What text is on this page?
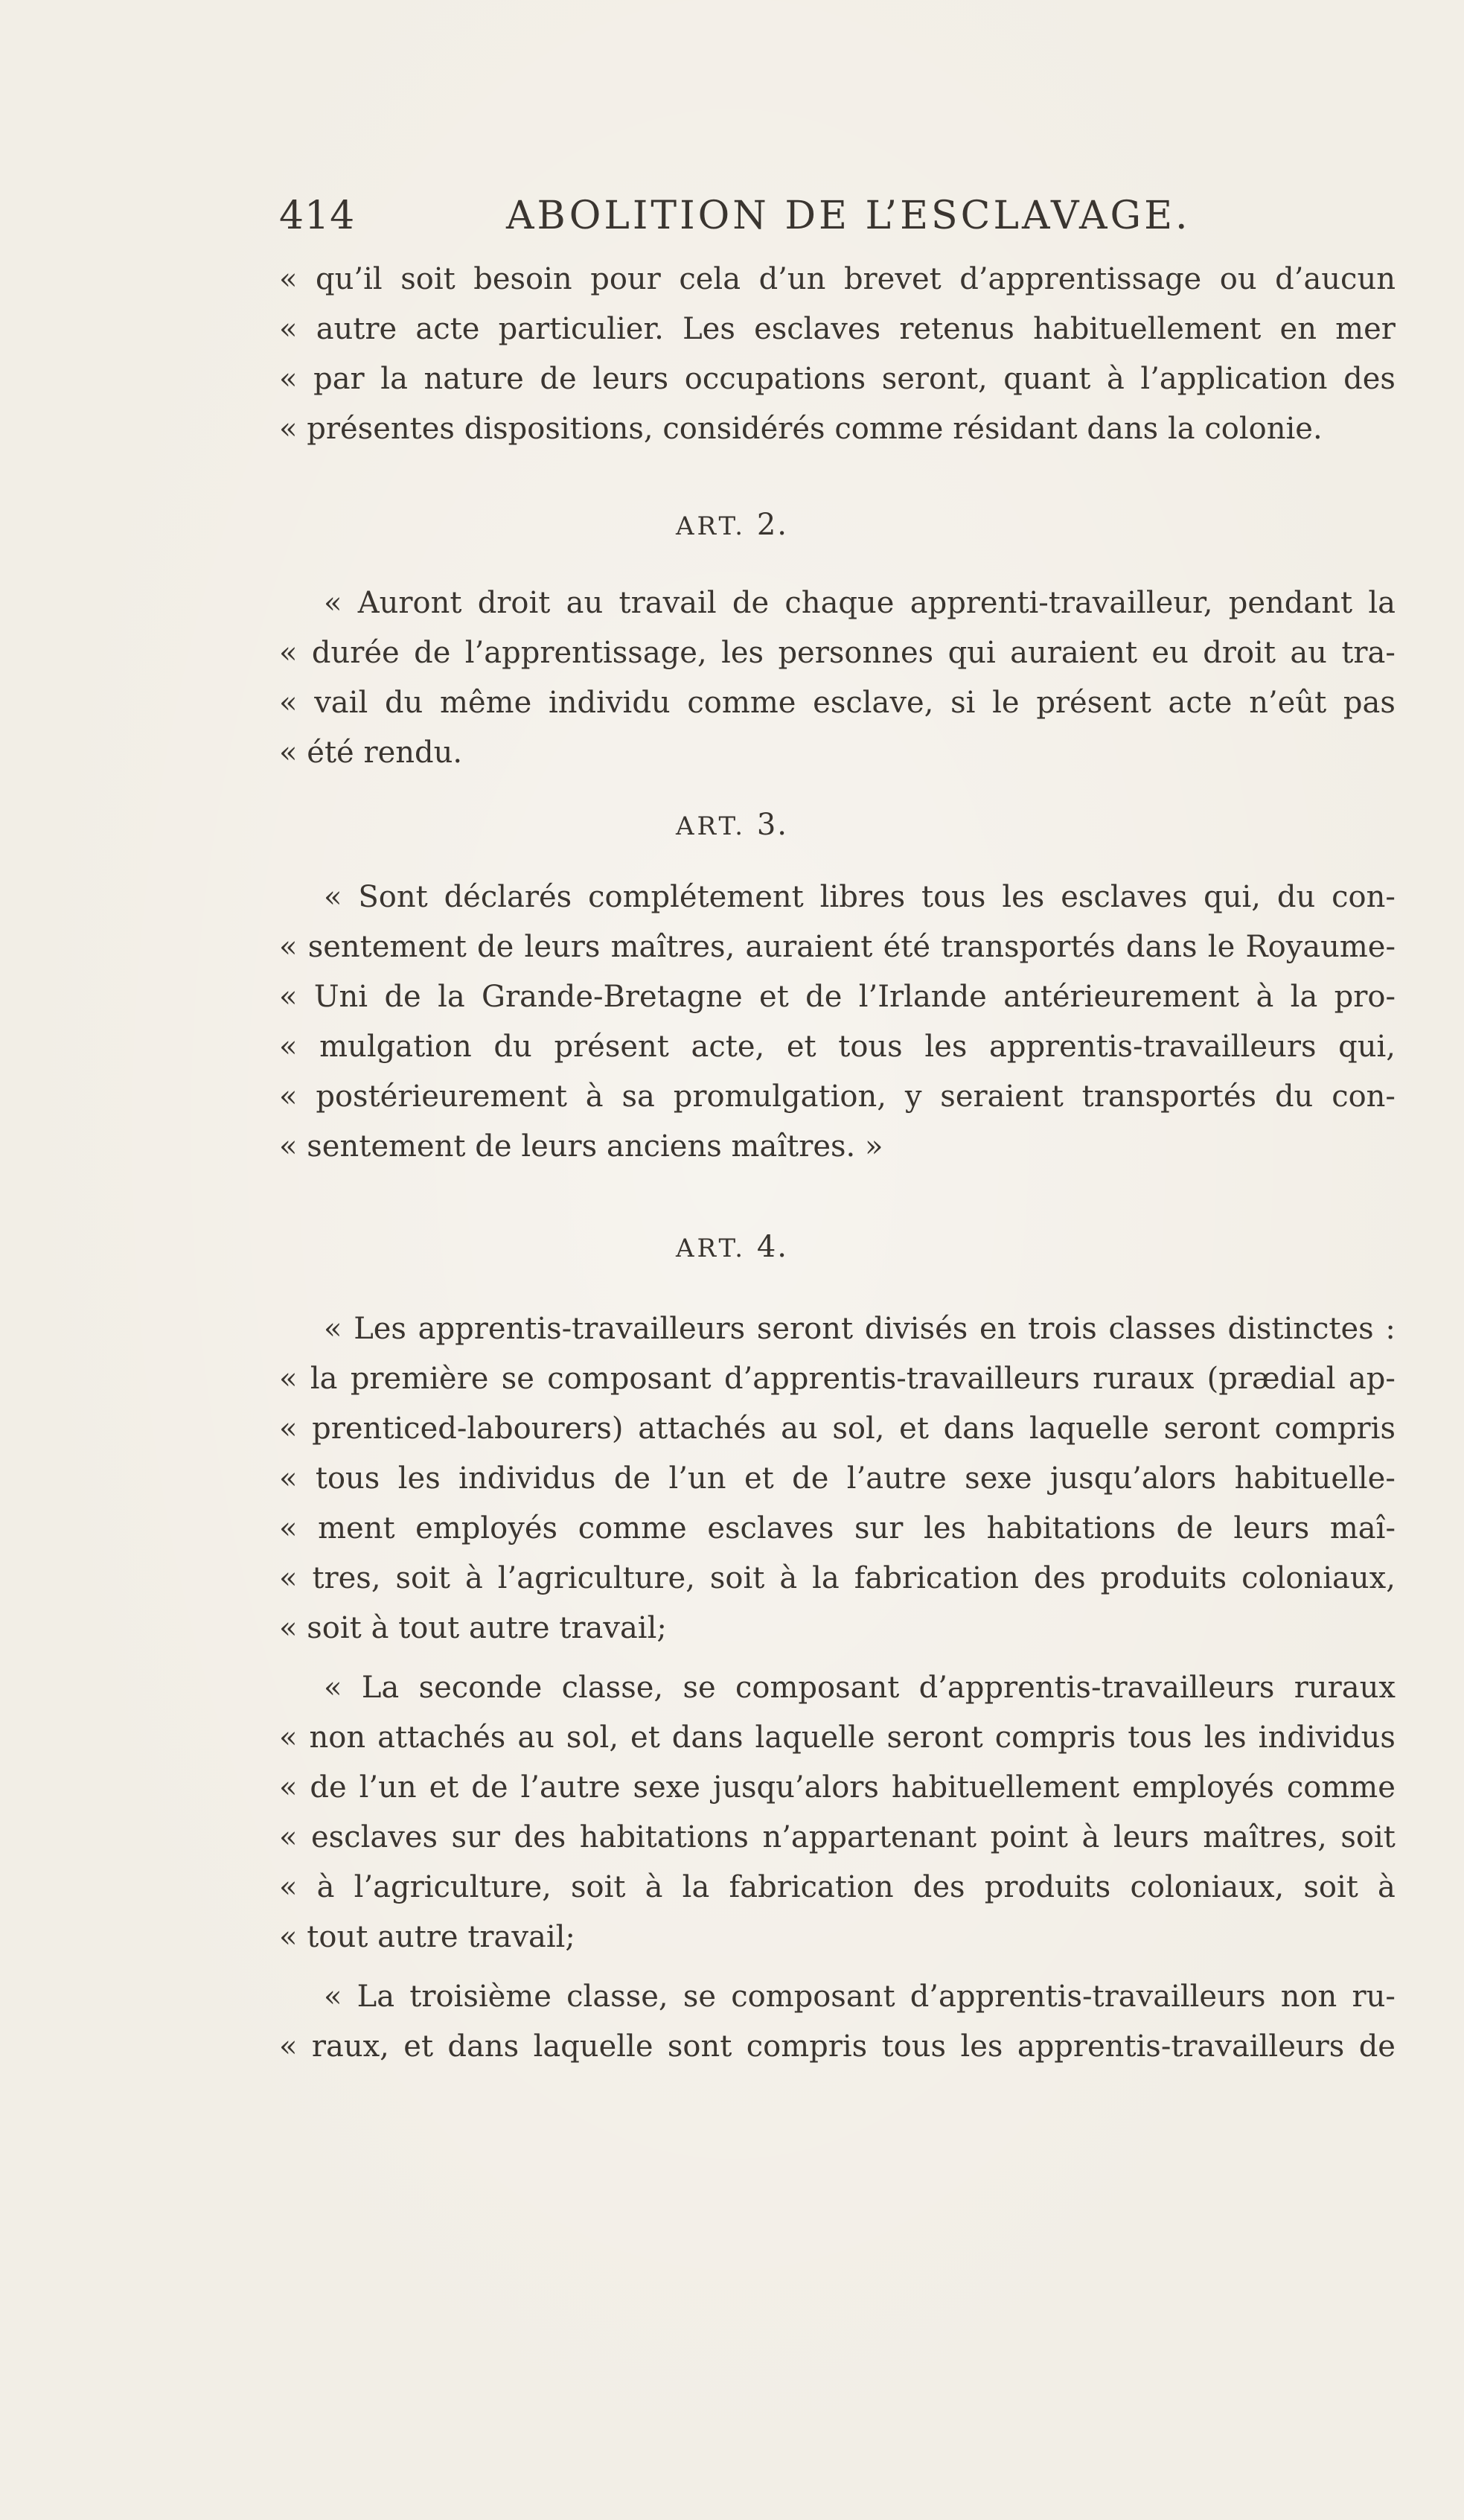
414	ABOLITION DE L’ESCLAVAGE.
« qu’il soit besoin pour cela d’un brevet d’apprentissage ou d’aucun
« autre acte particulier. Les esclaves retenus habituellement en mer
« par la nature de leurs occupations seront, quant à l’application des
« présentes dispositions, considérés comme résidant dans la colonie.
ART. 2.
« Auront droit au travail de chaque apprenti-travailleur, pendant la
« durée de l’apprentissage, les personnes qui auraient eu droit au tra-
« vail du même individu comme esclave, si le présent acte n’eût pas
« été rendu.
ART. 3.
« Sont déclarés complétement libres tous les esclaves qui, du con-
« sentement de leurs maîtres, auraient été transportés dans le Royaume-
« Uni de la Grande-Bretagne et de l’Irlande antérieurement à la pro-
« mulgation du présent acte, et tous les apprentis-travailleurs qui,
« postérieurement à sa promulgation, y seraient transportés du con-
« sentement de leurs anciens maîtres. »
ART. 4.
« Les apprentis-travailleurs seront divisés en trois classes distinctes :
« la première se composant d’apprentis-travailleurs ruraux (prædial ap-
« prenticed-labourers) attachés au sol, et dans laquelle seront compris
« tous les individus de l’un et de l’autre sexe jusqu’alors habituelle-
« ment employés comme esclaves sur les habitations de leurs maî-
« tres, soit à l’agriculture, soit à la fabrication des produits coloniaux,
« soit à tout autre travail;
« La seconde classe, se composant d’apprentis-travailleurs ruraux
« non attachés au sol, et dans laquelle seront compris tous les individus
« de l’un et de l’autre sexe jusqu’alors habituellement employés comme
« esclaves sur des habitations n’appartenant point à leurs maîtres, soit
« à l’agriculture, soit à la fabrication des produits coloniaux, soit à
« tout autre travail;
« La troisième classe, se composant d’apprentis-travailleurs non ru-
« raux, et dans laquelle sont compris tous les apprentis-travailleurs de
